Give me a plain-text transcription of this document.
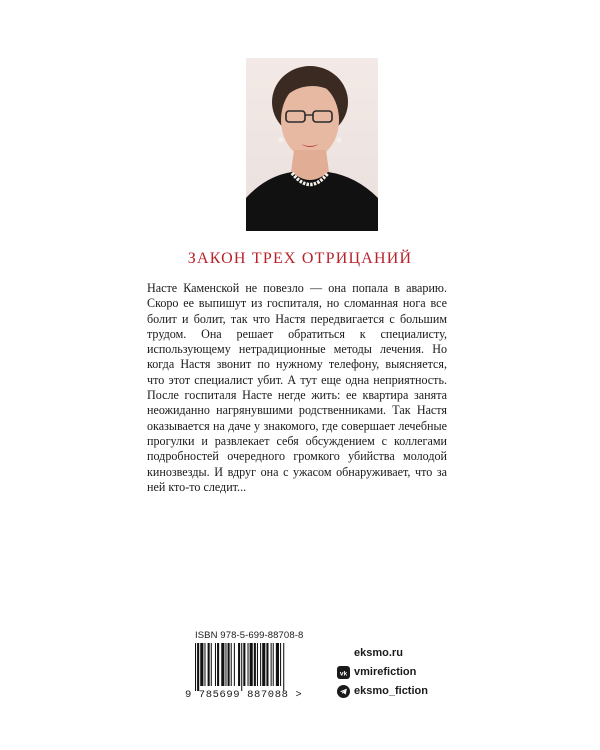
ЗАКОН ТРЕХ ОТРИЦАНИЙ
Насте Каменской не повезло — она попала в аварию. Скоро ее выпишут из госпиталя, но сломанная нога все болит и болит, так что Настя передвигается с большим трудом. Она решает обратиться к специалисту, использующему нетрадиционные методы лечения. Но когда Настя звонит по нужному телефону, выясняется, что этот специалист убит. А тут еще одна неприятность. После госпиталя Насте негде жить: ее квартира занята неожиданно нагрянувшими родственниками. Так Настя оказывается на даче у знакомого, где совершает лечебные прогулки и развлекает себя обсуждением с коллегами подробностей очередного громкого убийства молодой кинозвезды. И вдруг она с ужасом обнаруживает, что за ней кто-то следит...
ISBN 978-5-699-88708-8
9 785699 887088 >
eksmo.ru
vk vmirefiction
eksmo_fiction
